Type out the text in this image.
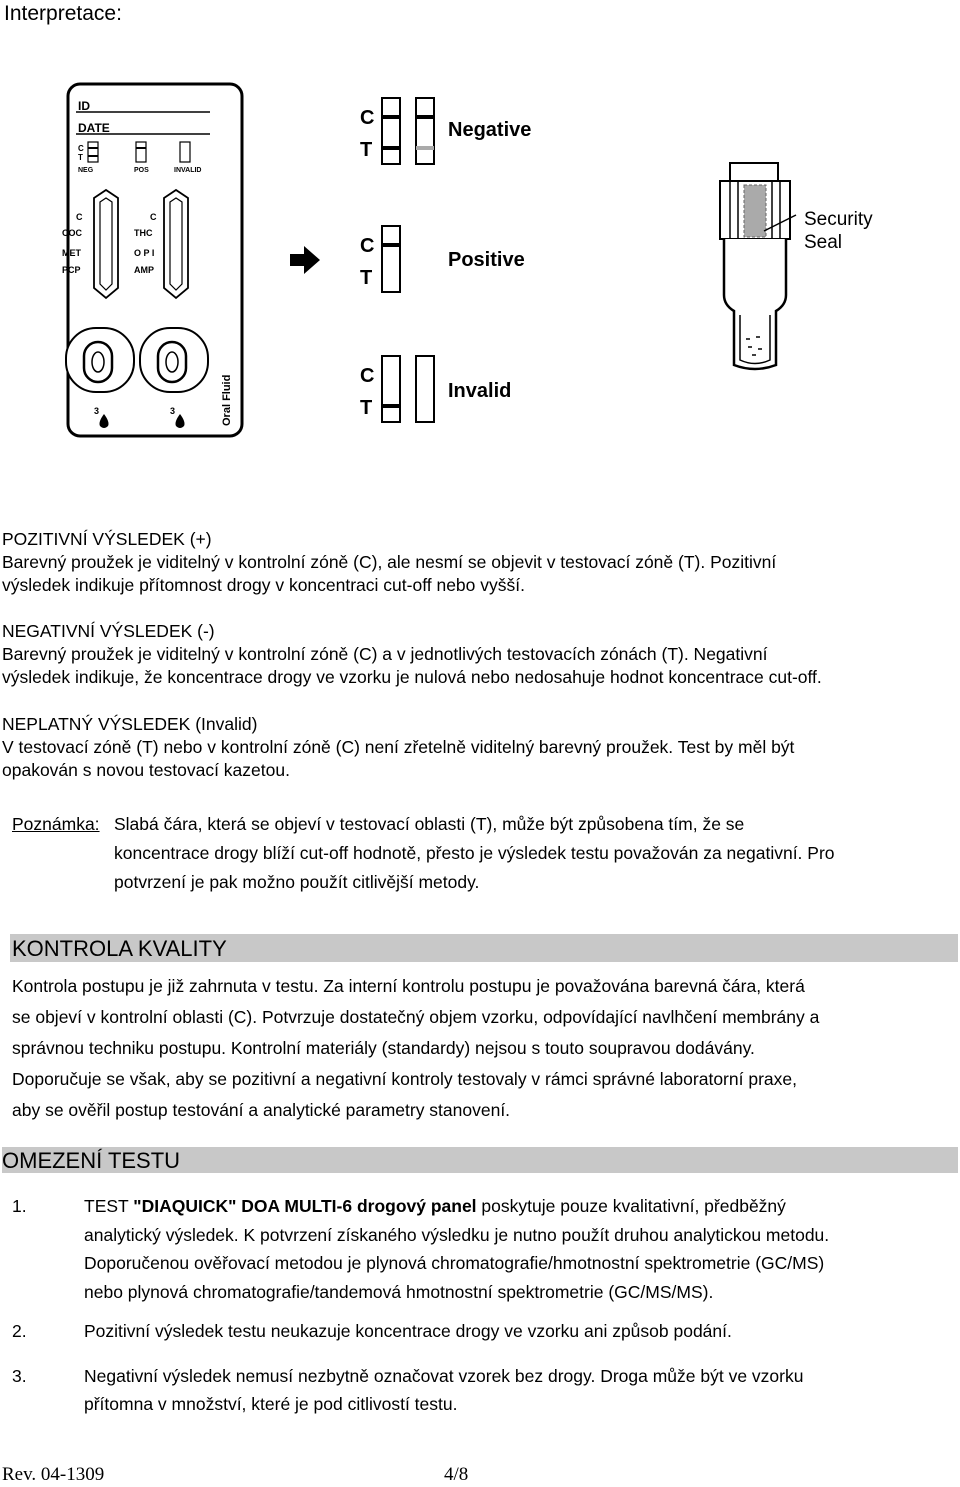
Interpretace:
ID
DATE
C
T
NEG	POS	INVALID
C
COC
MET
PCP
C
THC
O P I
AMP
3	3	Oral Fluid
C
T
C
T
C
T
Negative
Positive
Invalid
Security
Seal
POZITIVNÍ VÝSLEDEK (+)
Barevný proužek je viditelný v kontrolní zóně (C), ale nesmí se objevit v testovací zóně (T). Pozitivní
výsledek indikuje přítomnost drogy v koncentraci cut-off nebo vyšší.
NEGATIVNÍ VÝSLEDEK (-)
Barevný proužek je viditelný v kontrolní zóně (C) a v jednotlivých testovacích zónách (T). Negativní
výsledek indikuje, že koncentrace drogy ve vzorku je nulová nebo nedosahuje hodnot koncentrace cut-off.
NEPLATNÝ VÝSLEDEK (Invalid)
V testovací zóně (T) nebo v kontrolní zóně (C) není zřetelně viditelný barevný proužek. Test by měl být
opakován s novou testovací kazetou.
Poznámka: Slabá čára, která se objeví v testovací oblasti (T), může být způsobena tím, že se
koncentrace drogy blíží cut-off hodnotě, přesto je výsledek testu považován za negativní. Pro
potvrzení je pak možno použít citlivější metody.
KONTROLA KVALITY
Kontrola postupu je již zahrnuta v testu. Za interní kontrolu postupu je považována barevná čára, která
se objeví v kontrolní oblasti (C). Potvrzuje dostatečný objem vzorku, odpovídající navlhčení membrány a
správnou techniku postupu. Kontrolní materiály (standardy) nejsou s touto soupravou dodávány.
Doporučuje se však, aby se pozitivní a negativní kontroly testovaly v rámci správné laboratorní praxe,
aby se ověřil postup testování a analytické parametry stanovení.
OMEZENÍ TESTU
1.	TEST "DIAQUICK" DOA MULTI-6 drogový panel poskytuje pouze kvalitativní, předběžný
analytický výsledek. K potvrzení získaného výsledku je nutno použít druhou analytickou metodu.
Doporučenou ověřovací metodou je plynová chromatografie/hmotnostní spektrometrie (GC/MS)
nebo plynová chromatografie/tandemová hmotnostní spektrometrie (GC/MS/MS).
2.	Pozitivní výsledek testu neukazuje koncentrace drogy ve vzorku ani způsob podání.
3.	Negativní výsledek nemusí nezbytně označovat vzorek bez drogy. Droga může být ve vzorku
přítomna v množství, které je pod citlivostí testu.
Rev. 04-1309	4/8
